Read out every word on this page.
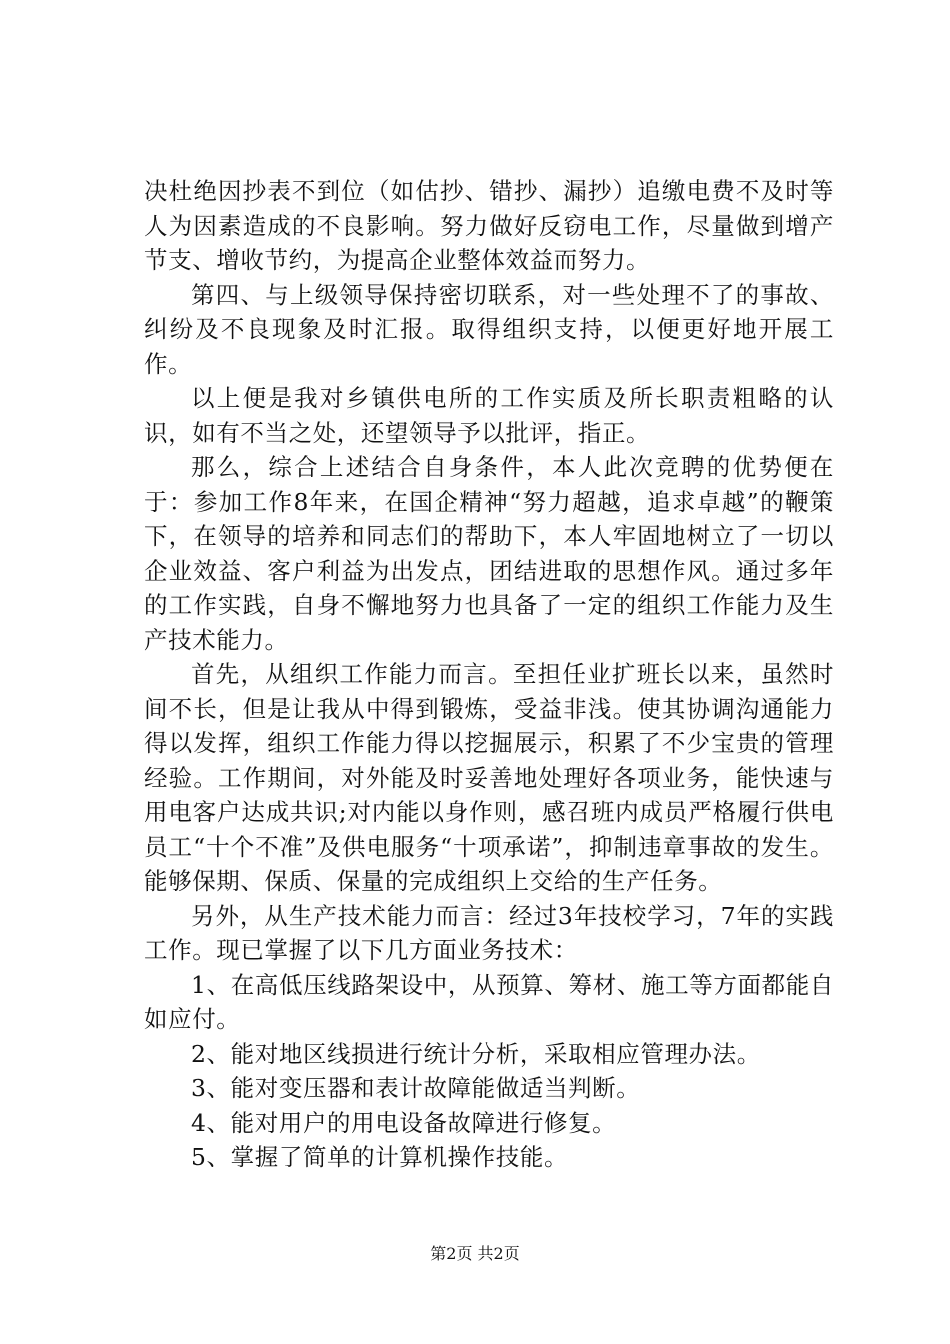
决杜绝因抄表不到位（如估抄、错抄、漏抄）追缴电费不及时等人为因素造成的不良影响。努力做好反窃电工作，尽量做到增产节支、增收节约，为提高企业整体效益而努力。

第四、与上级领导保持密切联系，对一些处理不了的事故、纠纷及不良现象及时汇报。取得组织支持，以便更好地开展工作。

以上便是我对乡镇供电所的工作实质及所长职责粗略的认识，如有不当之处，还望领导予以批评，指正。

那么，综合上述结合自身条件，本人此次竞聘的优势便在于：参加工作8年来，在国企精神“努力超越，追求卓越”的鞭策下，在领导的培养和同志们的帮助下，本人牢固地树立了一切以企业效益、客户利益为出发点，团结进取的思想作风。通过多年的工作实践，自身不懈地努力也具备了一定的组织工作能力及生产技术能力。

首先，从组织工作能力而言。至担任业扩班长以来，虽然时间不长，但是让我从中得到锻炼，受益非浅。使其协调沟通能力得以发挥，组织工作能力得以挖掘展示，积累了不少宝贵的管理经验。工作期间，对外能及时妥善地处理好各项业务，能快速与用电客户达成共识;对内能以身作则，感召班内成员严格履行供电员工“十个不准”及供电服务“十项承诺”，抑制违章事故的发生。能够保期、保质、保量的完成组织上交给的生产任务。

另外，从生产技术能力而言：经过3年技校学习，7年的实践工作。现已掌握了以下几方面业务技术：

1、在高低压线路架设中，从预算、筹材、施工等方面都能自如应付。

2、能对地区线损进行统计分析，采取相应管理办法。

3、能对变压器和表计故障能做适当判断。

4、能对用户的用电设备故障进行修复。

5、掌握了简单的计算机操作技能。

第2页 共2页
